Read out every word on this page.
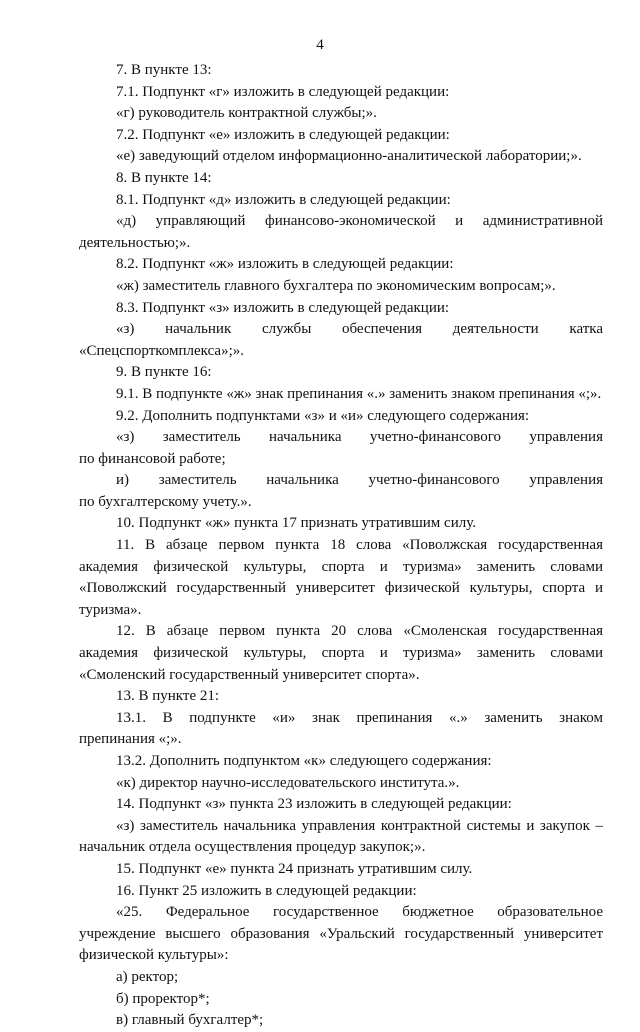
4
7. В пункте 13:
7.1. Подпункт «г» изложить в следующей редакции:
«г) руководитель контрактной службы;».
7.2. Подпункт «е» изложить в следующей редакции:
«е) заведующий отделом информационно-аналитической лаборатории;».
8. В пункте 14:
8.1. Подпункт «д» изложить в следующей редакции:
«д) управляющий финансово-экономической и административной
деятельностью;».
8.2. Подпункт «ж» изложить в следующей редакции:
«ж) заместитель главного бухгалтера по экономическим вопросам;».
8.3. Подпункт «з» изложить в следующей редакции:
«з) начальник службы обеспечения деятельности катка
«Спецспорткомплекса»;».
9. В пункте 16:
9.1. В подпункте «ж» знак препинания «.» заменить знаком препинания «;».
9.2. Дополнить подпунктами «з» и «и» следующего содержания:
«з) заместитель начальника учетно-финансового управления
по финансовой работе;
и) заместитель начальника учетно-финансового управления
по бухгалтерскому учету.».
10. Подпункт «ж» пункта 17 признать утратившим силу.
11. В абзаце первом пункта 18 слова «Поволжская государственная
академия физической культуры, спорта и туризма» заменить словами
«Поволжский государственный университет физической культуры, спорта и
туризма».
12. В абзаце первом пункта 20 слова «Смоленская государственная
академия физической культуры, спорта и туризма» заменить словами
«Смоленский государственный университет спорта».
13. В пункте 21:
13.1. В подпункте «и» знак препинания «.» заменить знаком
препинания «;».
13.2. Дополнить подпунктом «к» следующего содержания:
«к) директор научно-исследовательского института.».
14. Подпункт «з» пункта 23 изложить в следующей редакции:
«з) заместитель начальника управления контрактной системы и закупок –
начальник отдела осуществления процедур закупок;».
15. Подпункт «е» пункта 24 признать утратившим силу.
16. Пункт 25 изложить в следующей редакции:
«25. Федеральное государственное бюджетное образовательное
учреждение высшего образования «Уральский государственный университет
физической культуры»:
а) ректор;
б) проректор*;
в) главный бухгалтер*;
